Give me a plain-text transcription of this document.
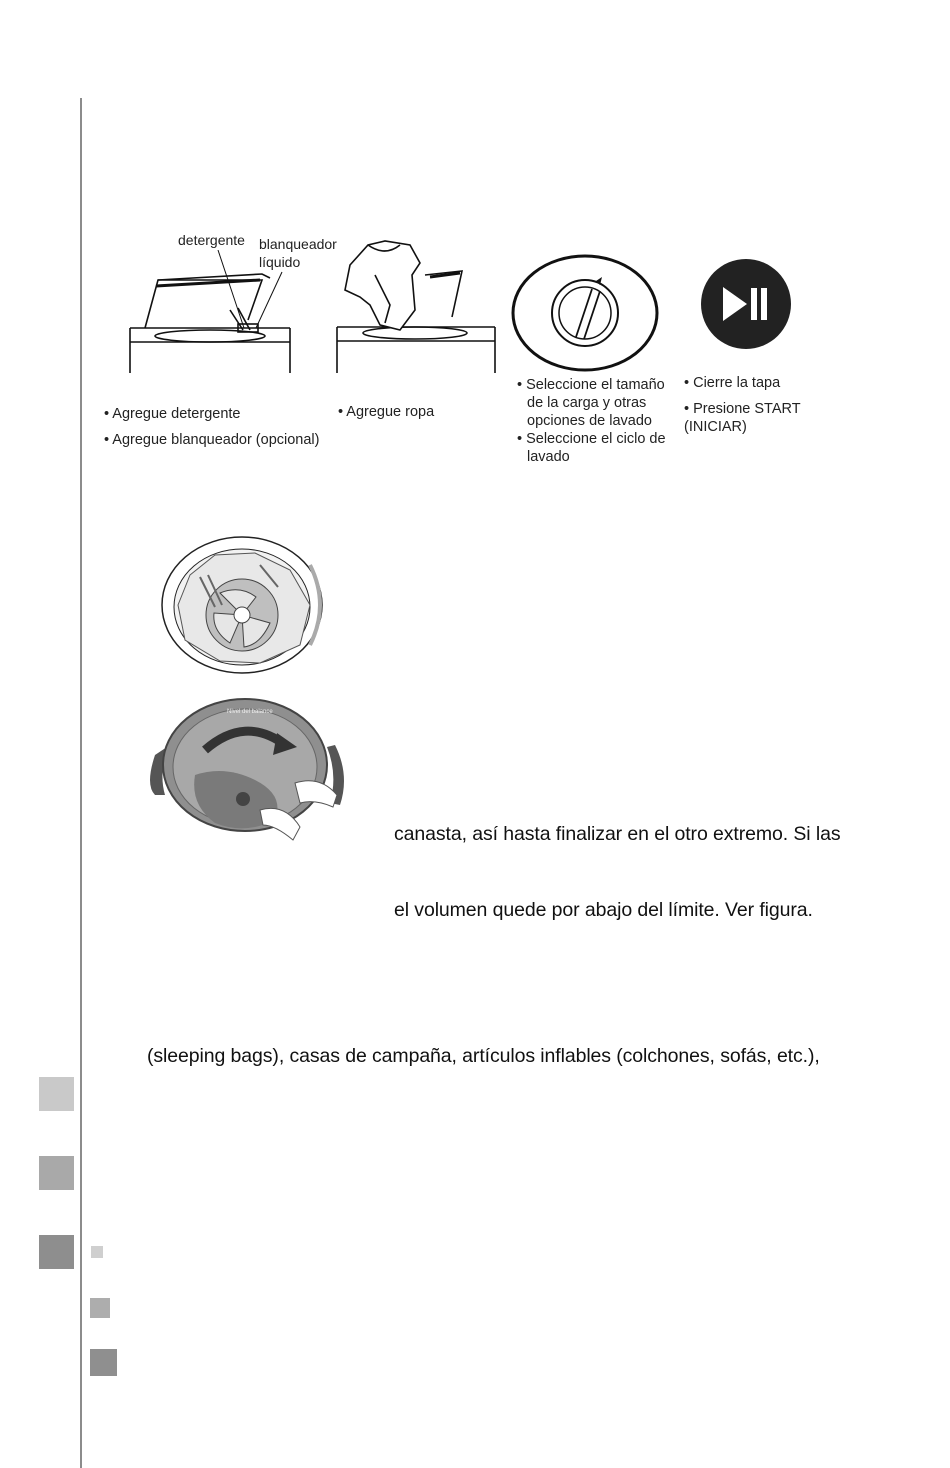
detergente blanqueador
líquido
• Agregue detergente
• Agregue blanqueador (opcional)
• Agregue ropa
• Seleccione el tamaño
de la carga y otras
opciones de lavado
• Seleccione el ciclo de
lavado
• Cierre la tapa
• Presione START
(INICIAR)
Nivel del balance
canasta, así hasta finalizar en el otro extremo. Si las
el volumen quede por abajo del límite. Ver figura.
(sleeping bags), casas de campaña, artículos inflables (colchones, sofás, etc.),
